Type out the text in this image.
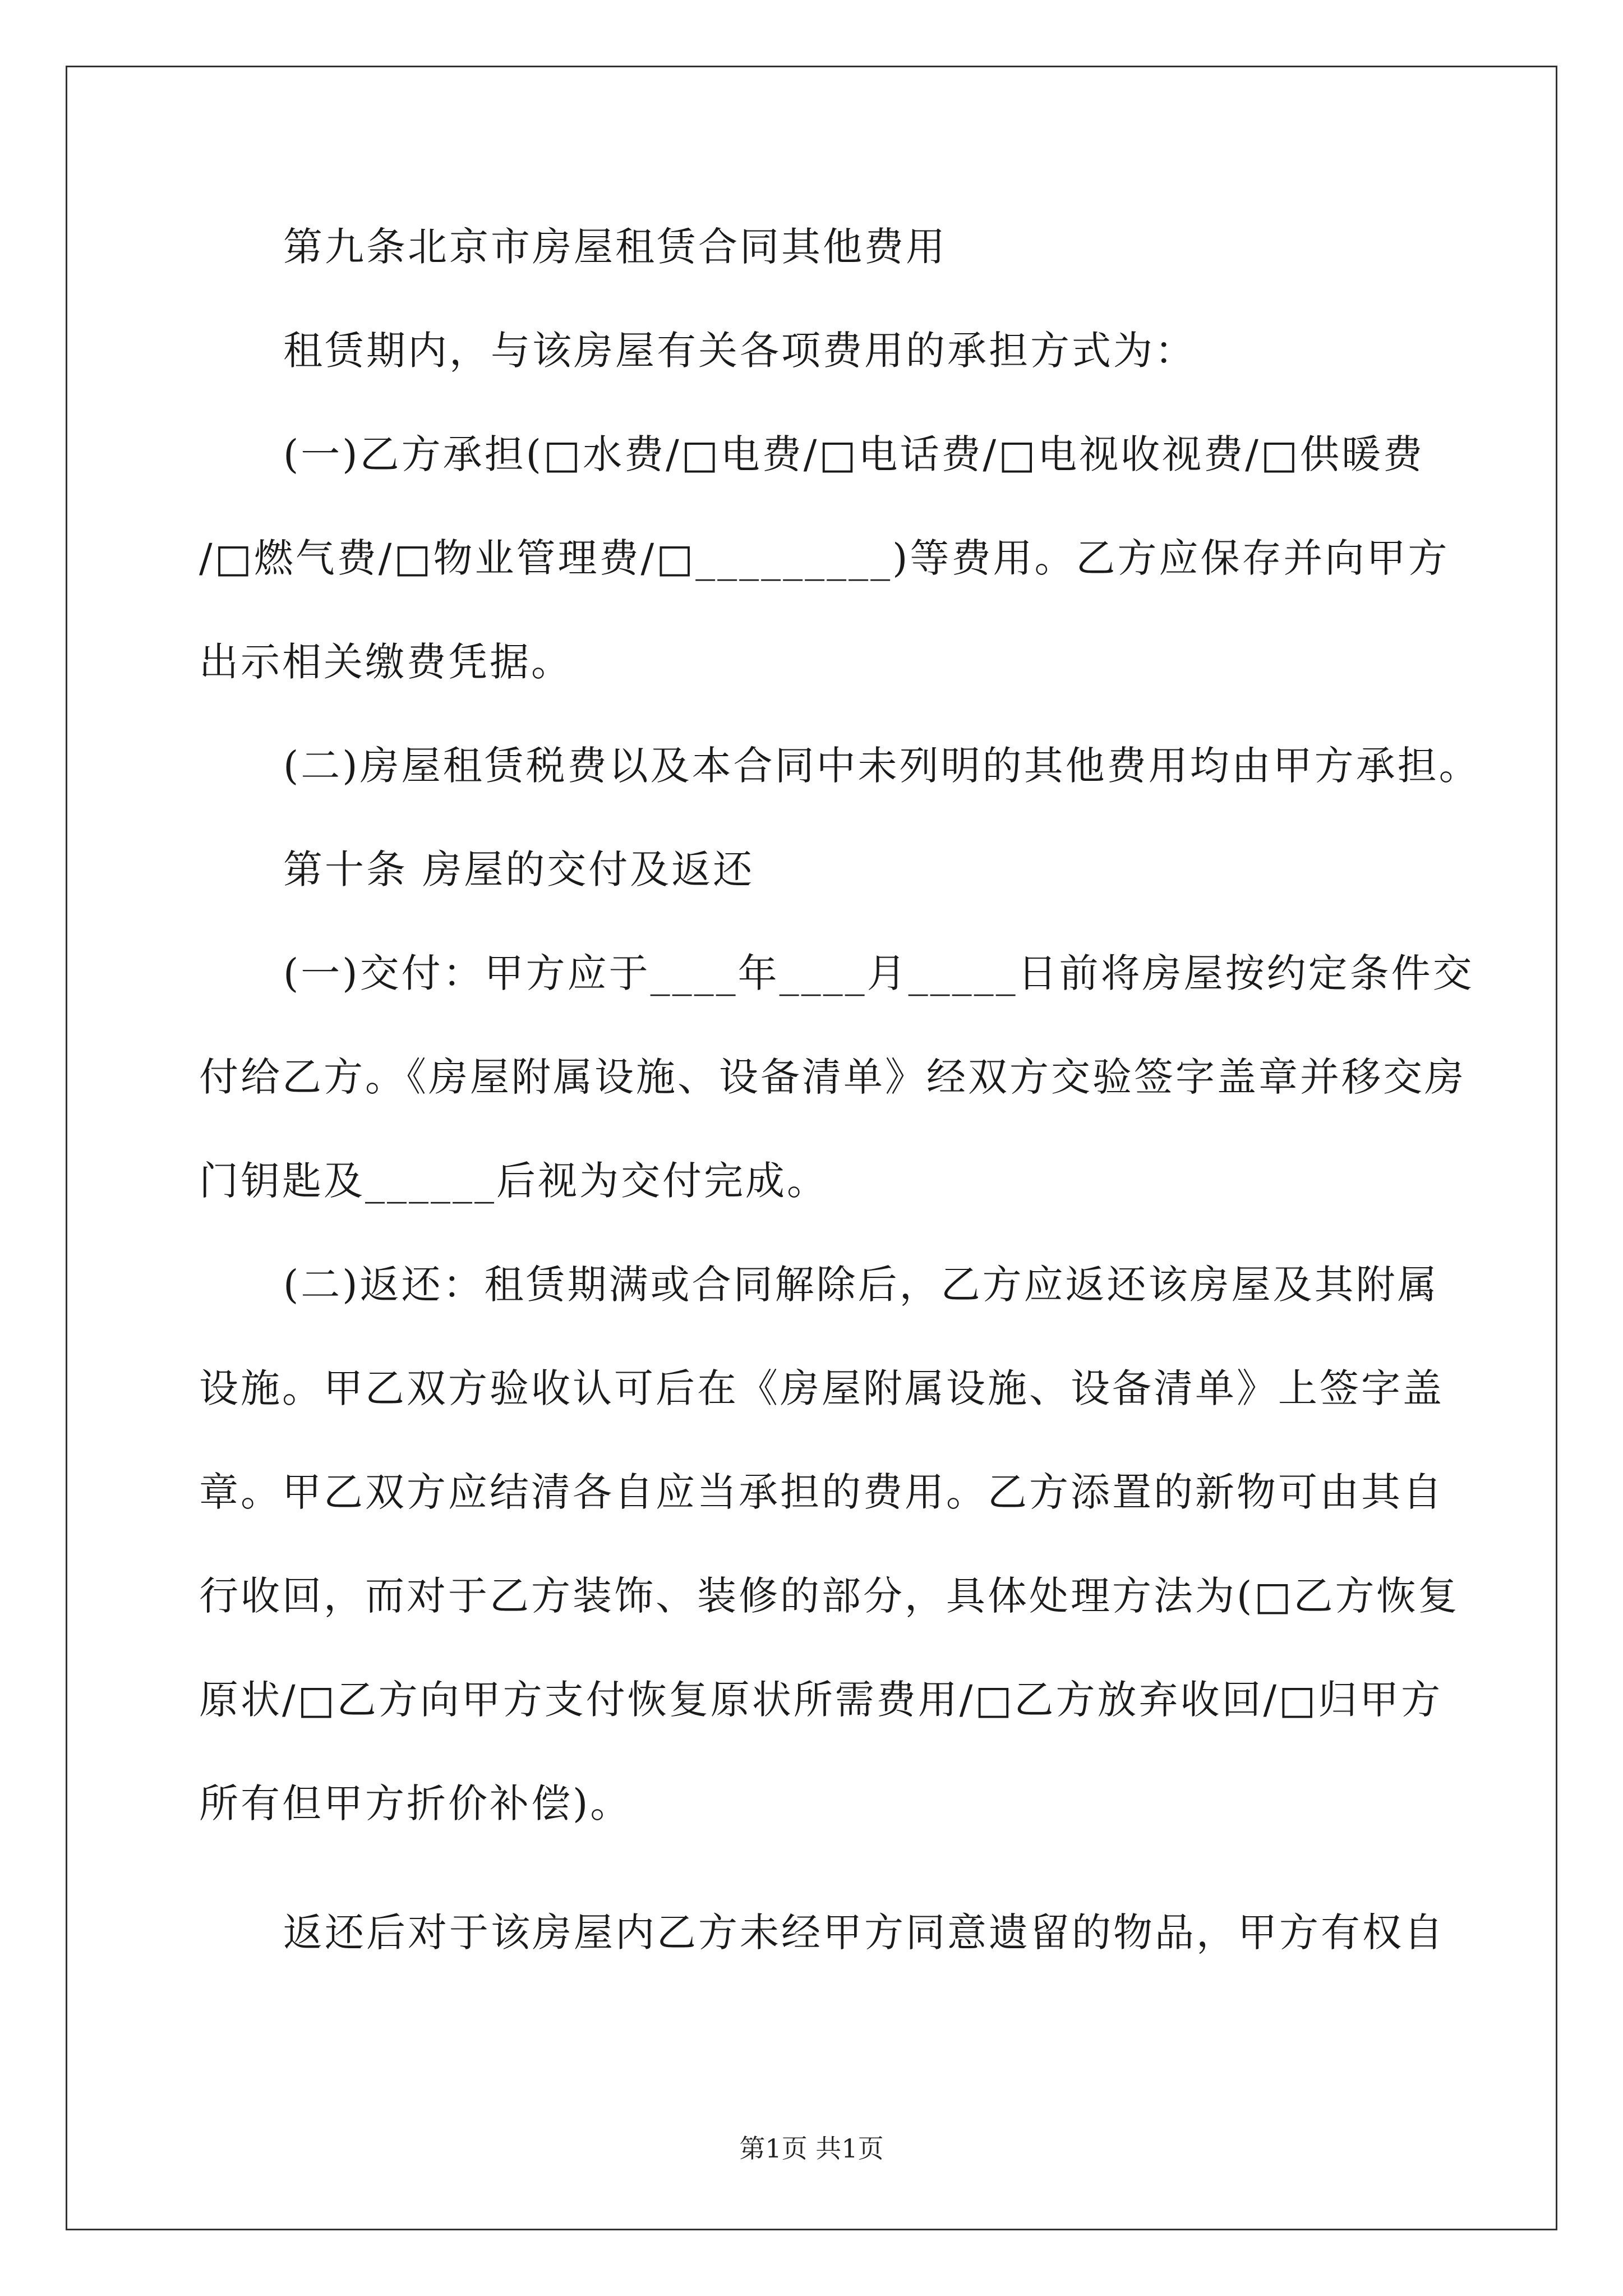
第九条北京市房屋租赁合同其他费用
租赁期内，与该房屋有关各项费用的承担方式为：
(一)乙方承担(□水费/□电费/□电话费/□电视收视费/□供暖费
/□燃气费/□物业管理费/□_________)等费用。乙方应保存并向甲方
出示相关缴费凭据。
(二)房屋租赁税费以及本合同中未列明的其他费用均由甲方承担。
第十条 房屋的交付及返还
(一)交付：甲方应于____年____月_____日前将房屋按约定条件交
付给乙方。《房屋附属设施、设备清单》经双方交验签字盖章并移交房
门钥匙及______后视为交付完成。
(二)返还：租赁期满或合同解除后，乙方应返还该房屋及其附属
设施。甲乙双方验收认可后在《房屋附属设施、设备清单》上签字盖
章。甲乙双方应结清各自应当承担的费用。乙方添置的新物可由其自
行收回，而对于乙方装饰、装修的部分，具体处理方法为(□乙方恢复
原状/□乙方向甲方支付恢复原状所需费用/□乙方放弃收回/□归甲方
所有但甲方折价补偿)。
返还后对于该房屋内乙方未经甲方同意遗留的物品，甲方有权自
第1页 共1页
